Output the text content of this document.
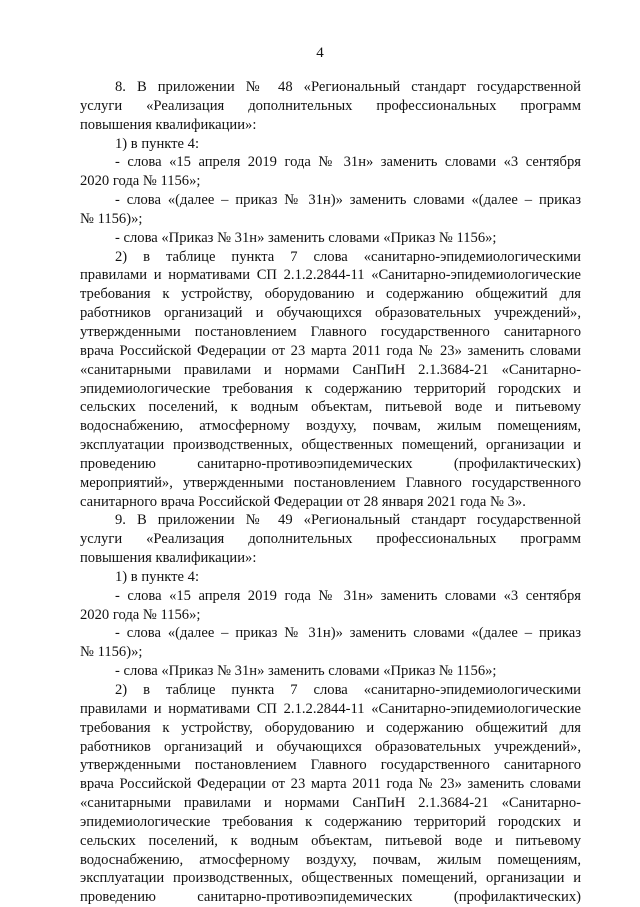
4
8. В приложении № 48 «Региональный стандарт государственной
услуги «Реализация дополнительных профессиональных программ
повышения квалификации»:
1) в пункте 4:
- слова «15 апреля 2019 года № 31н» заменить словами «3 сентября
2020 года № 1156»;
- слова «(далее – приказ № 31н)» заменить словами «(далее – приказ
№ 1156)»;
- слова «Приказ № 31н» заменить словами «Приказ № 1156»;
2) в таблице пункта 7 слова «санитарно-эпидемиологическими
правилами и нормативами СП 2.1.2.2844-11 «Санитарно-эпидемиологические
требования к устройству, оборудованию и содержанию общежитий для
работников организаций и обучающихся образовательных учреждений»,
утвержденными постановлением Главного государственного санитарного
врача Российской Федерации от 23 марта 2011 года № 23» заменить словами
«санитарными правилами и нормами СанПиН 2.1.3684-21 «Санитарно-
эпидемиологические требования к содержанию территорий городских и
сельских поселений, к водным объектам, питьевой воде и питьевому
водоснабжению, атмосферному воздуху, почвам, жилым помещениям,
эксплуатации производственных, общественных помещений, организации и
проведению санитарно-противоэпидемических (профилактических)
мероприятий», утвержденными постановлением Главного государственного
санитарного врача Российской Федерации от 28 января 2021 года № 3».
9. В приложении № 49 «Региональный стандарт государственной
услуги «Реализация дополнительных профессиональных программ
повышения квалификации»:
1) в пункте 4:
- слова «15 апреля 2019 года № 31н» заменить словами «3 сентября
2020 года № 1156»;
- слова «(далее – приказ № 31н)» заменить словами «(далее – приказ
№ 1156)»;
- слова «Приказ № 31н» заменить словами «Приказ № 1156»;
2) в таблице пункта 7 слова «санитарно-эпидемиологическими
правилами и нормативами СП 2.1.2.2844-11 «Санитарно-эпидемиологические
требования к устройству, оборудованию и содержанию общежитий для
работников организаций и обучающихся образовательных учреждений»,
утвержденными постановлением Главного государственного санитарного
врача Российской Федерации от 23 марта 2011 года № 23» заменить словами
«санитарными правилами и нормами СанПиН 2.1.3684-21 «Санитарно-
эпидемиологические требования к содержанию территорий городских и
сельских поселений, к водным объектам, питьевой воде и питьевому
водоснабжению, атмосферному воздуху, почвам, жилым помещениям,
эксплуатации производственных, общественных помещений, организации и
проведению санитарно-противоэпидемических (профилактических)
